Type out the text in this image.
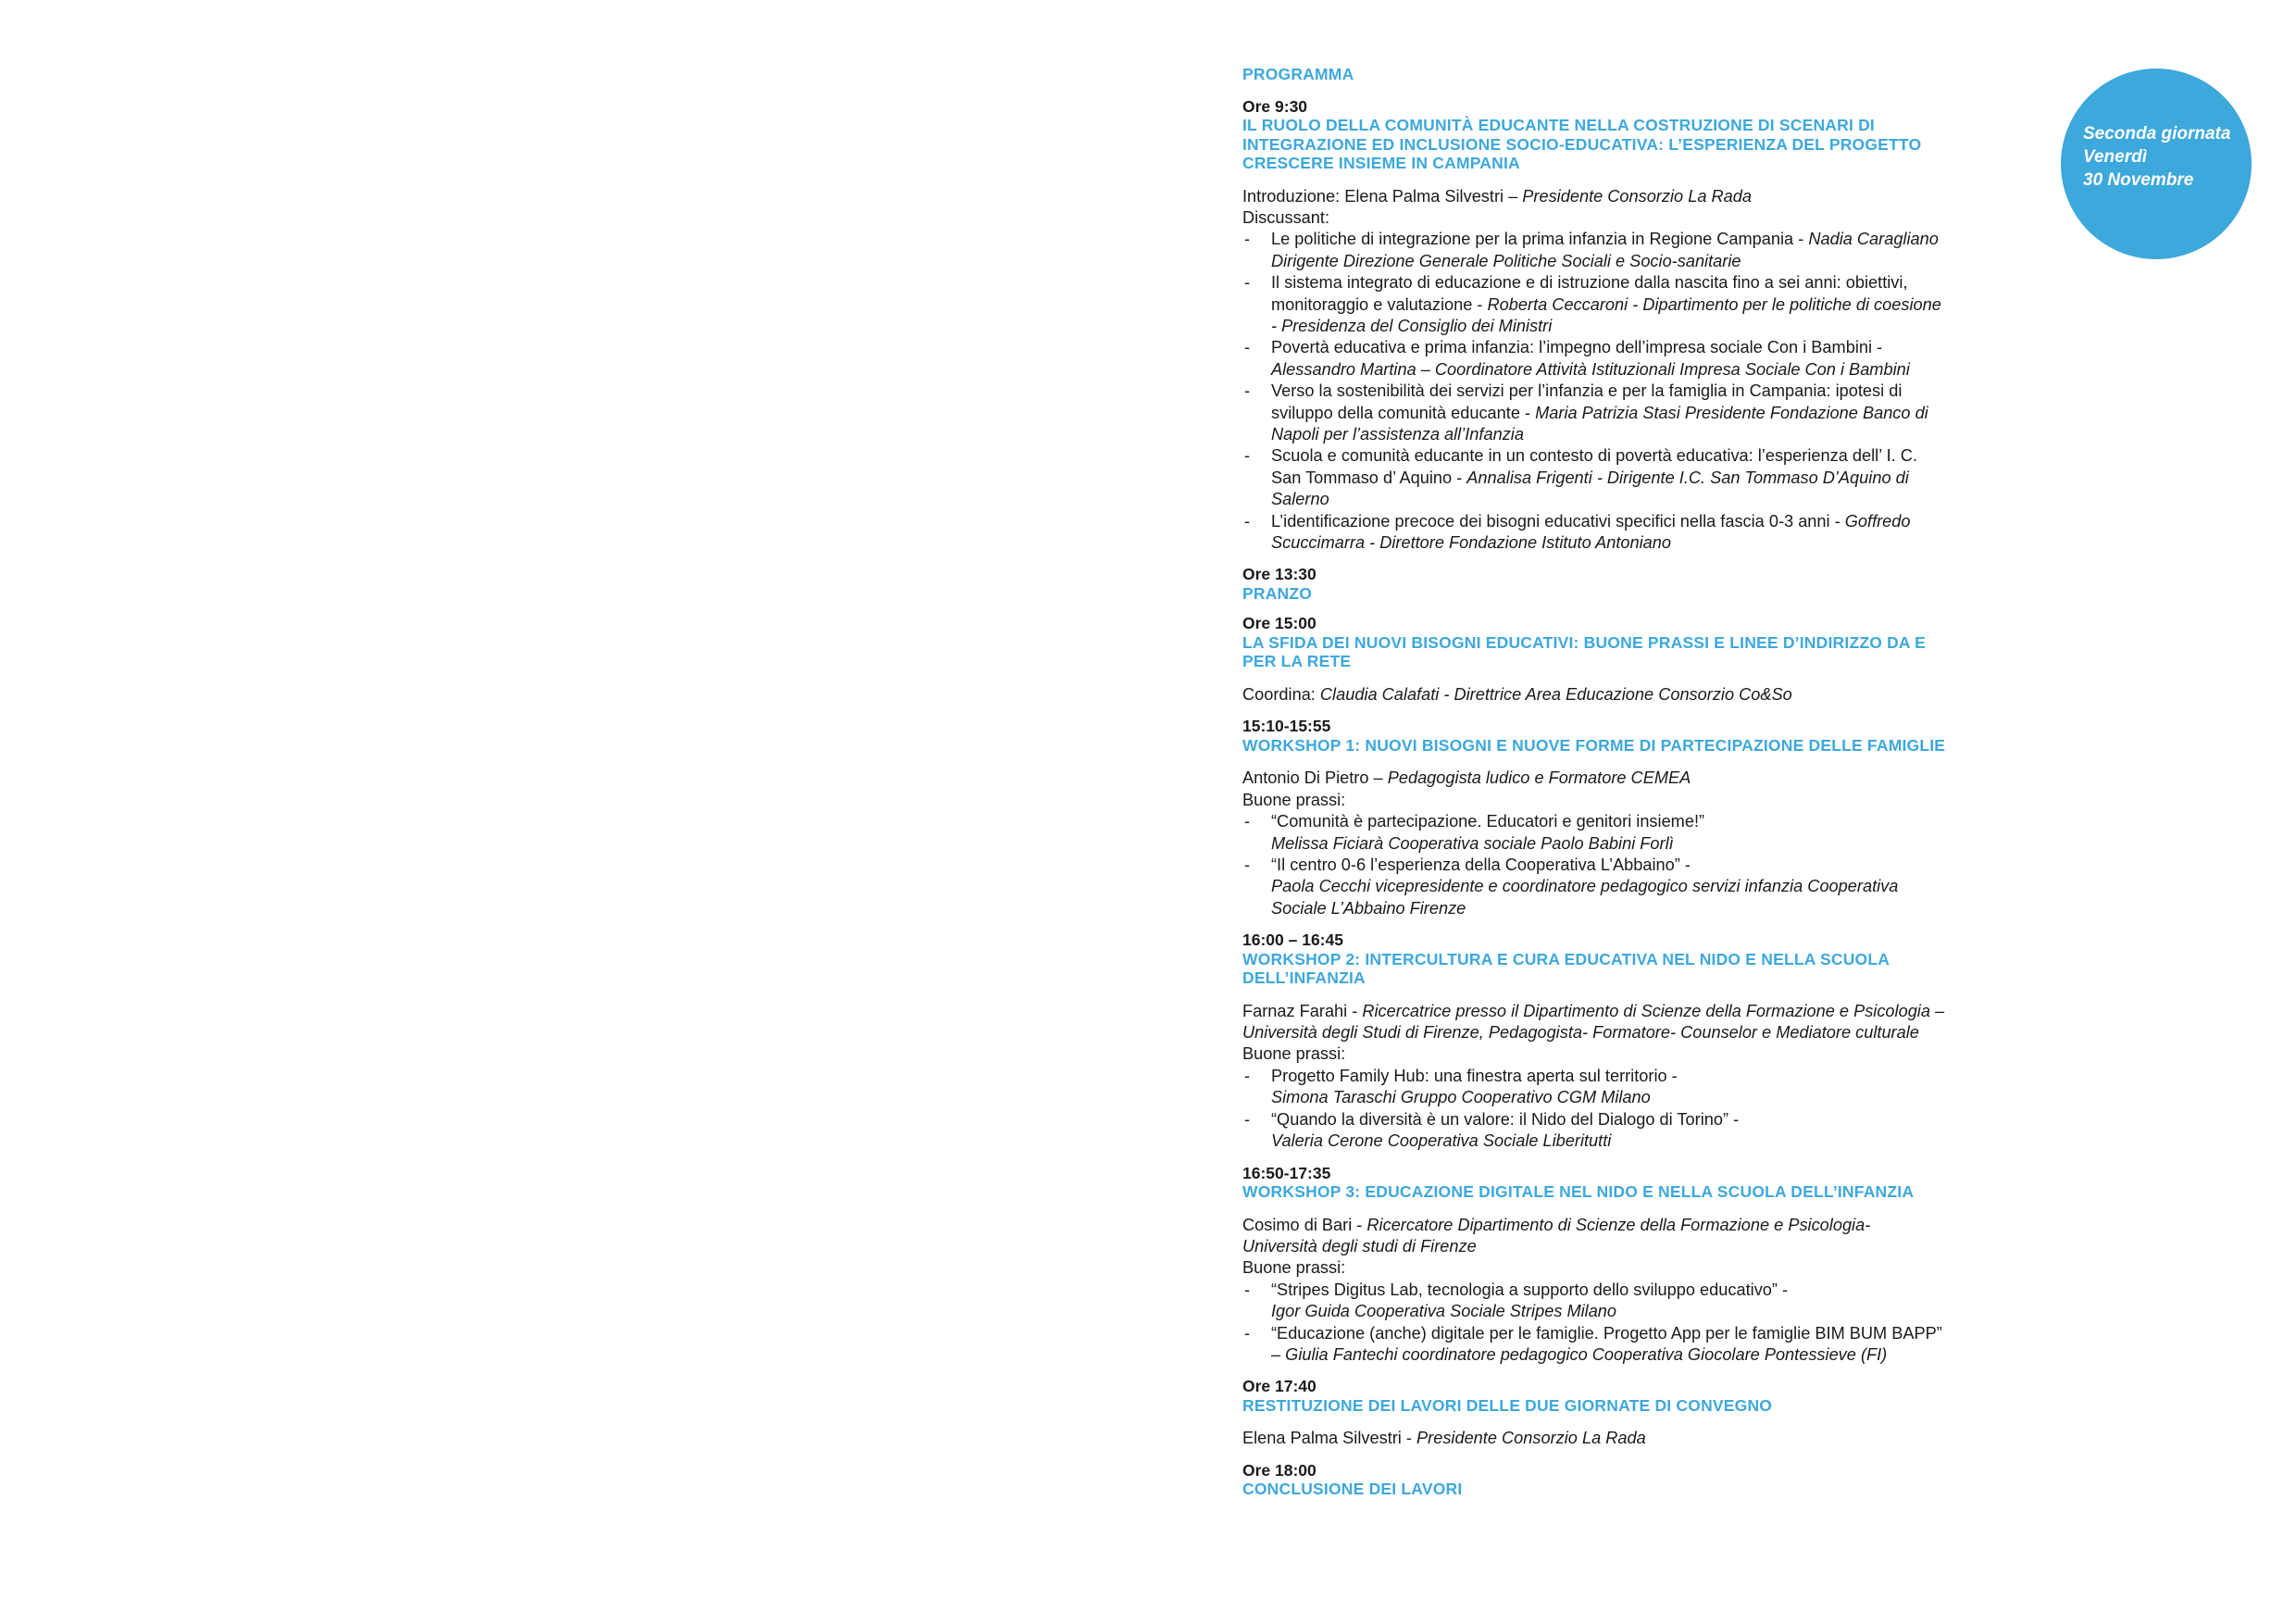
Seconda giornata
Venerdì
30 Novembre
PROGRAMMA
Ore 9:30
IL RUOLO DELLA COMUNITÀ EDUCANTE NELLA COSTRUZIONE DI SCENARI DI INTEGRAZIONE ED INCLUSIONE SOCIO-EDUCATIVA: L’ESPERIENZA DEL PROGETTO CRESCERE INSIEME IN CAMPANIA
Introduzione: Elena Palma Silvestri – Presidente Consorzio La Rada
Discussant:
- Le politiche di integrazione per la prima infanzia in Regione Campania - Nadia Caragliano Dirigente Direzione Generale Politiche Sociali e Socio-sanitarie
- Il sistema integrato di educazione e di istruzione dalla nascita fino a sei anni: obiettivi, monitoraggio e valutazione - Roberta Ceccaroni - Dipartimento per le politiche di coesione - Presidenza del Consiglio dei Ministri
- Povertà educativa e prima infanzia: l’impegno dell’impresa sociale Con i Bambini - Alessandro Martina – Coordinatore Attività Istituzionali Impresa Sociale Con i Bambini
- Verso la sostenibilità dei servizi per l’infanzia e per la famiglia in Campania: ipotesi di sviluppo della comunità educante - Maria Patrizia Stasi Presidente Fondazione Banco di Napoli per l’assistenza all’Infanzia
- Scuola e comunità educante in un contesto di povertà educativa: l’esperienza dell’ I. C. San Tommaso d’ Aquino - Annalisa Frigenti - Dirigente I.C. San Tommaso D’Aquino di Salerno
- L’identificazione precoce dei bisogni educativi specifici nella fascia 0-3 anni - Goffredo Scuccimarra - Direttore Fondazione Istituto Antoniano
Ore 13:30
PRANZO
Ore 15:00
LA SFIDA DEI NUOVI BISOGNI EDUCATIVI: BUONE PRASSI E LINEE D’INDIRIZZO DA E PER LA RETE
Coordina: Claudia Calafati - Direttrice Area Educazione Consorzio Co&So
15:10-15:55
WORKSHOP 1: NUOVI BISOGNI E NUOVE FORME DI PARTECIPAZIONE DELLE FAMIGLIE
Antonio Di Pietro – Pedagogista ludico e Formatore CEMEA
Buone prassi:
- “Comunità è partecipazione. Educatori e genitori insieme!”
Melissa Ficiarà Cooperativa sociale Paolo Babini Forlì
- “Il centro 0-6 l’esperienza della Cooperativa L’Abbaino” -
Paola Cecchi vicepresidente e coordinatore pedagogico servizi infanzia Cooperativa Sociale L’Abbaino Firenze
16:00 – 16:45
WORKSHOP 2: INTERCULTURA E CURA EDUCATIVA NEL NIDO E NELLA SCUOLA DELL’INFANZIA
Farnaz Farahi - Ricercatrice presso il Dipartimento di Scienze della Formazione e Psicologia – Università degli Studi di Firenze, Pedagogista- Formatore- Counselor e Mediatore culturale
Buone prassi:
- Progetto Family Hub: una finestra aperta sul territorio -
Simona Taraschi Gruppo Cooperativo CGM Milano
- “Quando la diversità è un valore: il Nido del Dialogo di Torino” -
Valeria Cerone Cooperativa Sociale Liberitutti
16:50-17:35
WORKSHOP 3: EDUCAZIONE DIGITALE NEL NIDO E NELLA SCUOLA DELL’INFANZIA
Cosimo di Bari - Ricercatore Dipartimento di Scienze della Formazione e Psicologia- Università degli studi di Firenze
Buone prassi:
- “Stripes Digitus Lab, tecnologia a supporto dello sviluppo educativo” -
Igor Guida Cooperativa Sociale Stripes Milano
- “Educazione (anche) digitale per le famiglie. Progetto App per le famiglie BIM BUM BAPP” – Giulia Fantechi coordinatore pedagogico Cooperativa Giocolare Pontessieve (FI)
Ore 17:40
RESTITUZIONE DEI LAVORI DELLE DUE GIORNATE DI CONVEGNO
Elena Palma Silvestri - Presidente Consorzio La Rada
Ore 18:00
CONCLUSIONE DEI LAVORI
